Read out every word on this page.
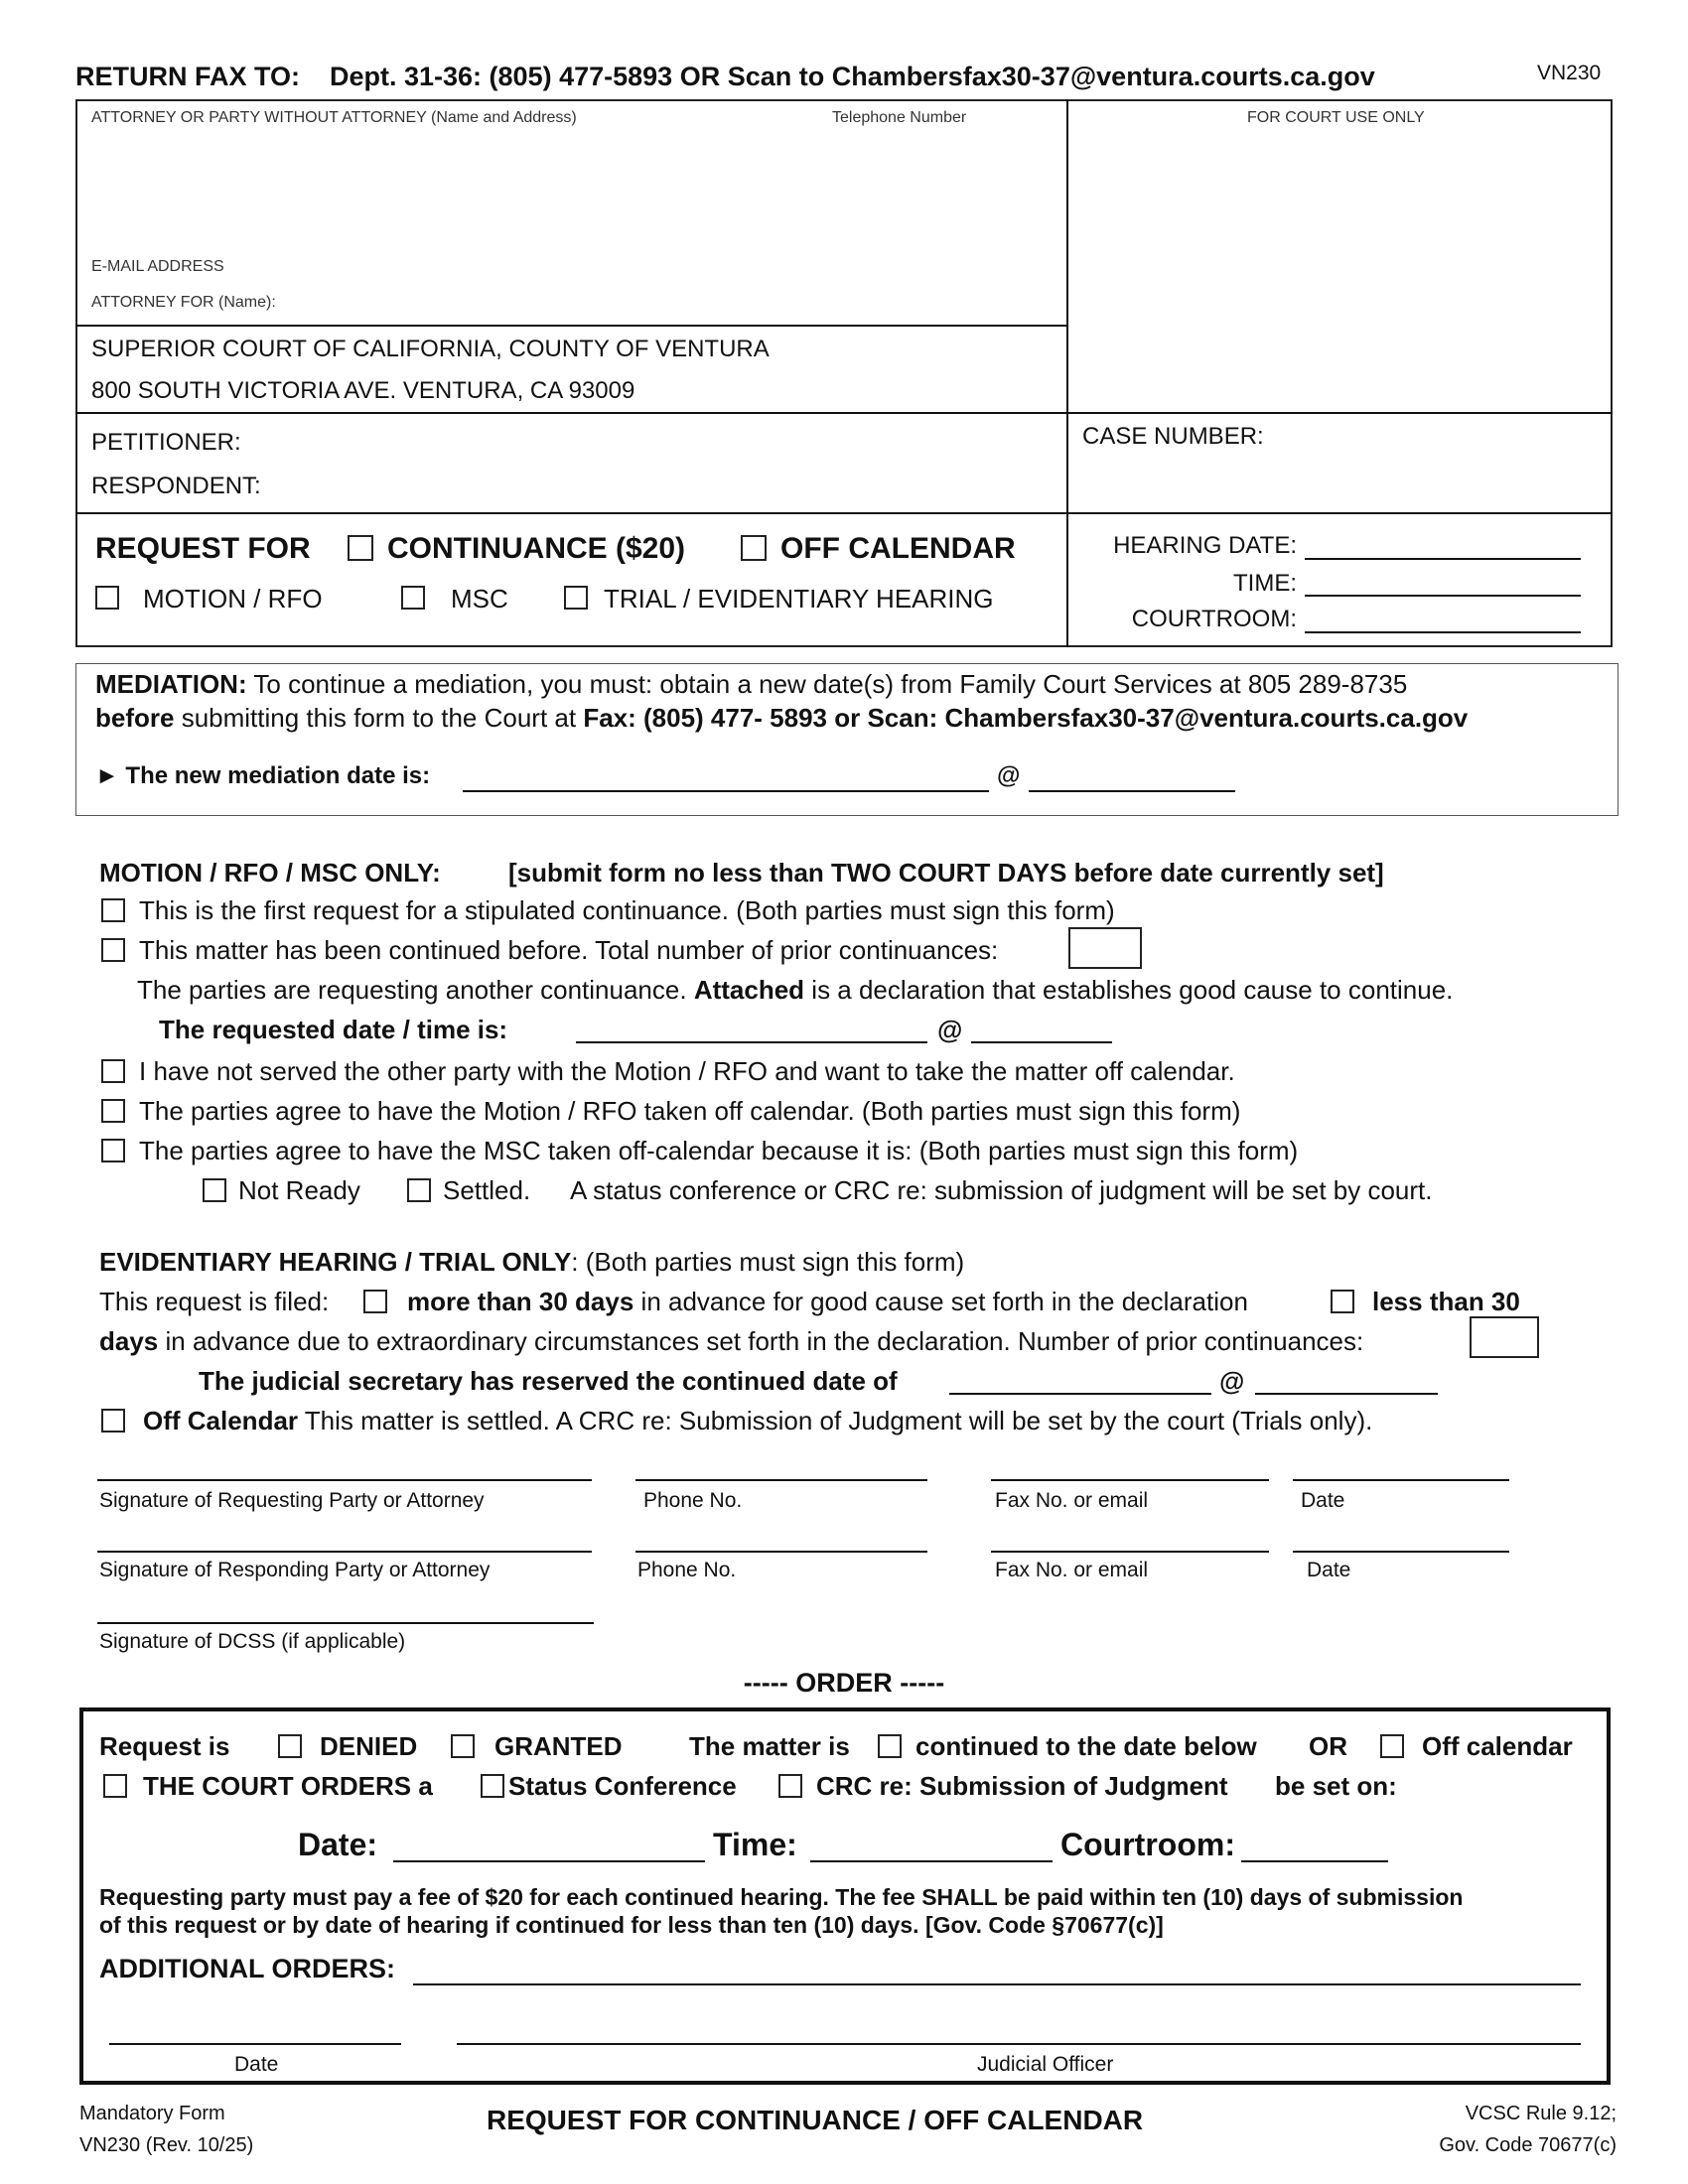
RETURN FAX TO: Dept. 31-36: (805) 477-5893 OR Scan to Chambersfax30-37@ventura.courts.ca.gov	VN230
ATTORNEY OR PARTY WITHOUT ATTORNEY (Name and Address)	Telephone Number	FOR COURT USE ONLY
E-MAIL ADDRESS
ATTORNEY FOR (Name):
SUPERIOR COURT OF CALIFORNIA, COUNTY OF VENTURA
800 SOUTH VICTORIA AVE. VENTURA, CA 93009
PETITIONER:
RESPONDENT:
CASE NUMBER:
REQUEST FOR	CONTINUANCE ($20)	OFF CALENDAR
MOTION / RFO	MSC	TRIAL / EVIDENTIARY HEARING
HEARING DATE:
TIME:
COURTROOM:
MEDIATION: To continue a mediation, you must: obtain a new date(s) from Family Court Services at 805 289-8735
before submitting this form to the Court at Fax: (805) 477- 5893 or Scan: Chambersfax30-37@ventura.courts.ca.gov
► The new mediation date is:	@
MOTION / RFO / MSC ONLY:	[submit form no less than TWO COURT DAYS before date currently set]
This is the first request for a stipulated continuance. (Both parties must sign this form)
This matter has been continued before. Total number of prior continuances:
The parties are requesting another continuance. Attached is a declaration that establishes good cause to continue.
The requested date / time is:	@
I have not served the other party with the Motion / RFO and want to take the matter off calendar.
The parties agree to have the Motion / RFO taken off calendar. (Both parties must sign this form)
The parties agree to have the MSC taken off-calendar because it is: (Both parties must sign this form)
Not Ready	Settled. A status conference or CRC re: submission of judgment will be set by court.
EVIDENTIARY HEARING / TRIAL ONLY: (Both parties must sign this form)
This request is filed:	more than 30 days in advance for good cause set forth in the declaration	less than 30
days in advance due to extraordinary circumstances set forth in the declaration. Number of prior continuances:
The judicial secretary has reserved the continued date of	@
Off Calendar This matter is settled. A CRC re: Submission of Judgment will be set by the court (Trials only).
Signature of Requesting Party or Attorney	Phone No.	Fax No. or email	Date
Signature of Responding Party or Attorney	Phone No.	Fax No. or email	Date
Signature of DCSS (if applicable)
----- ORDER -----
Request is	DENIED	GRANTED	The matter is	continued to the date below OR	Off calendar
THE COURT ORDERS a	Status Conference	CRC re: Submission of Judgment be set on:
Date:	Time:	Courtroom:
Requesting party must pay a fee of $20 for each continued hearing. The fee SHALL be paid within ten (10) days of submission
of this request or by date of hearing if continued for less than ten (10) days. [Gov. Code §70677(c)]
ADDITIONAL ORDERS:
Date	Judicial Officer
Mandatory Form
VN230 (Rev. 10/25)
REQUEST FOR CONTINUANCE / OFF CALENDAR	VCSC Rule 9.12;
Gov. Code 70677(c)
